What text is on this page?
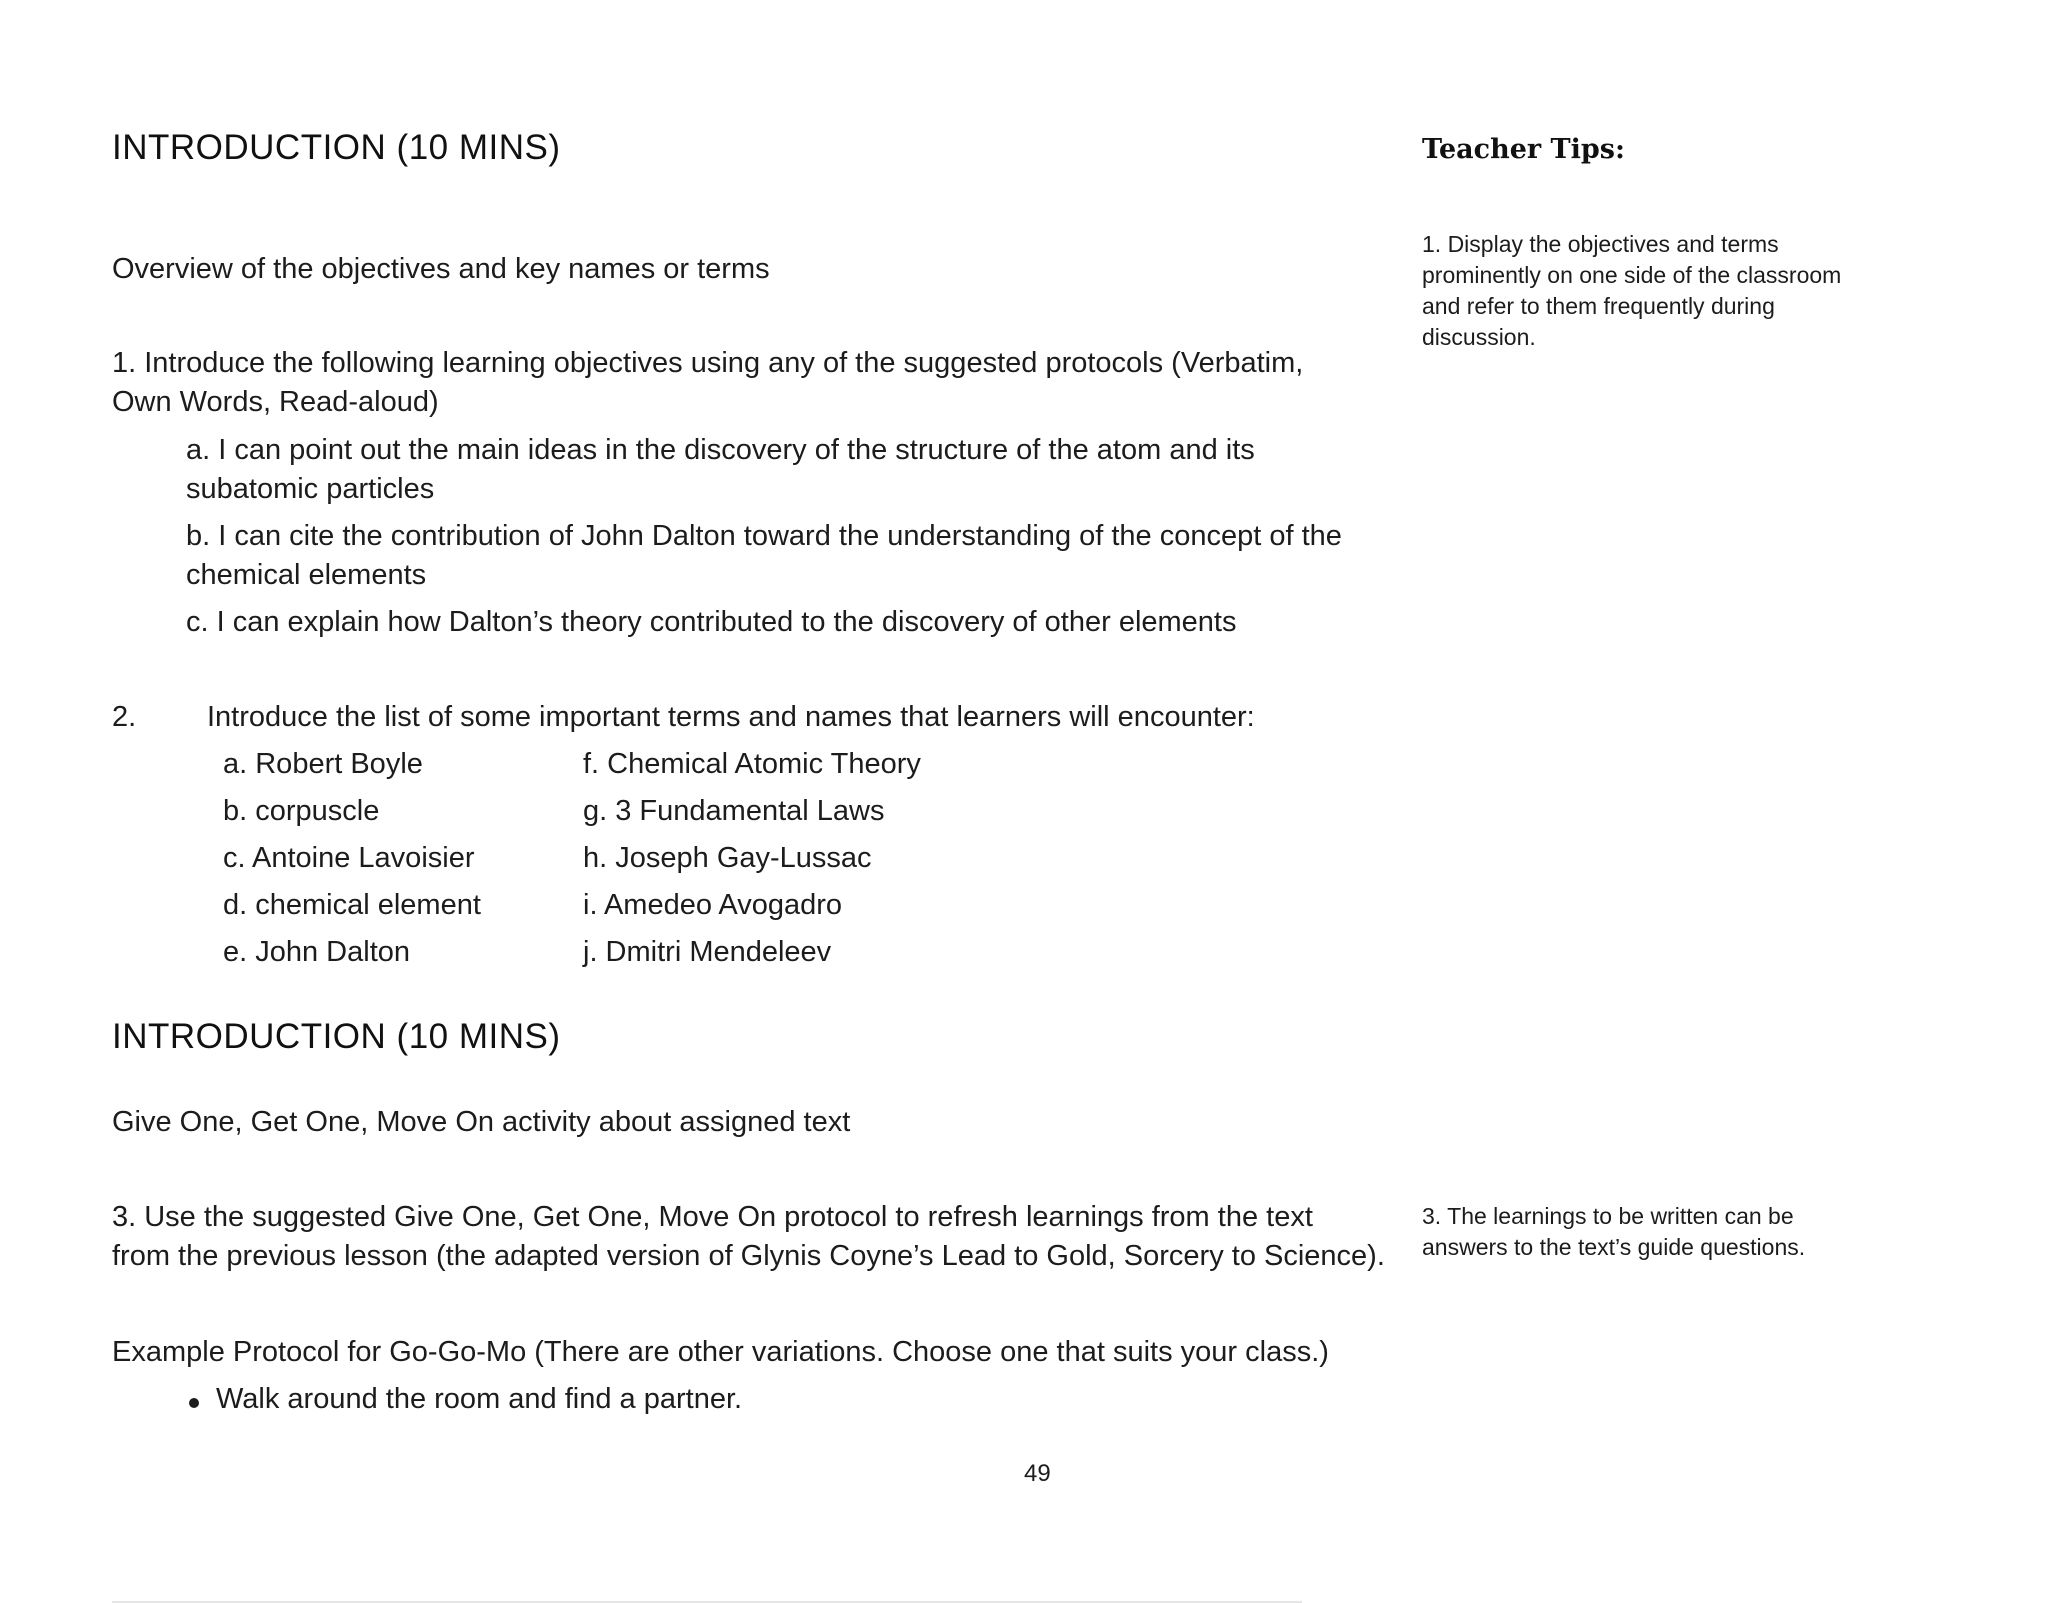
INTRODUCTION (10 MINS)
Overview of the objectives and key names or terms
1. Introduce the following learning objectives using any of the suggested protocols (Verbatim,
Own Words, Read-aloud)
a. I can point out the main ideas in the discovery of the structure of the atom and its
subatomic particles
b. I can cite the contribution of John Dalton toward the understanding of the concept of the
chemical elements
c. I can explain how Dalton’s theory contributed to the discovery of other elements
2. Introduce the list of some important terms and names that learners will encounter:
a. Robert Boyle
b. corpuscle
c. Antoine Lavoisier
d. chemical element
e. John Dalton
f. Chemical Atomic Theory
g. 3 Fundamental Laws
h. Joseph Gay-Lussac
i. Amedeo Avogadro
j. Dmitri Mendeleev
INTRODUCTION (10 MINS)
Give One, Get One, Move On activity about assigned text
3. Use the suggested Give One, Get One, Move On protocol to refresh learnings from the text
from the previous lesson (the adapted version of Glynis Coyne’s Lead to Gold, Sorcery to Science).
Example Protocol for Go-Go-Mo (There are other variations. Choose one that suits your class.)
Walk around the room and find a partner.
Teacher Tips:
1. Display the objectives and terms
prominently on one side of the classroom
and refer to them frequently during
discussion.
3. The learnings to be written can be
answers to the text’s guide questions.
49
